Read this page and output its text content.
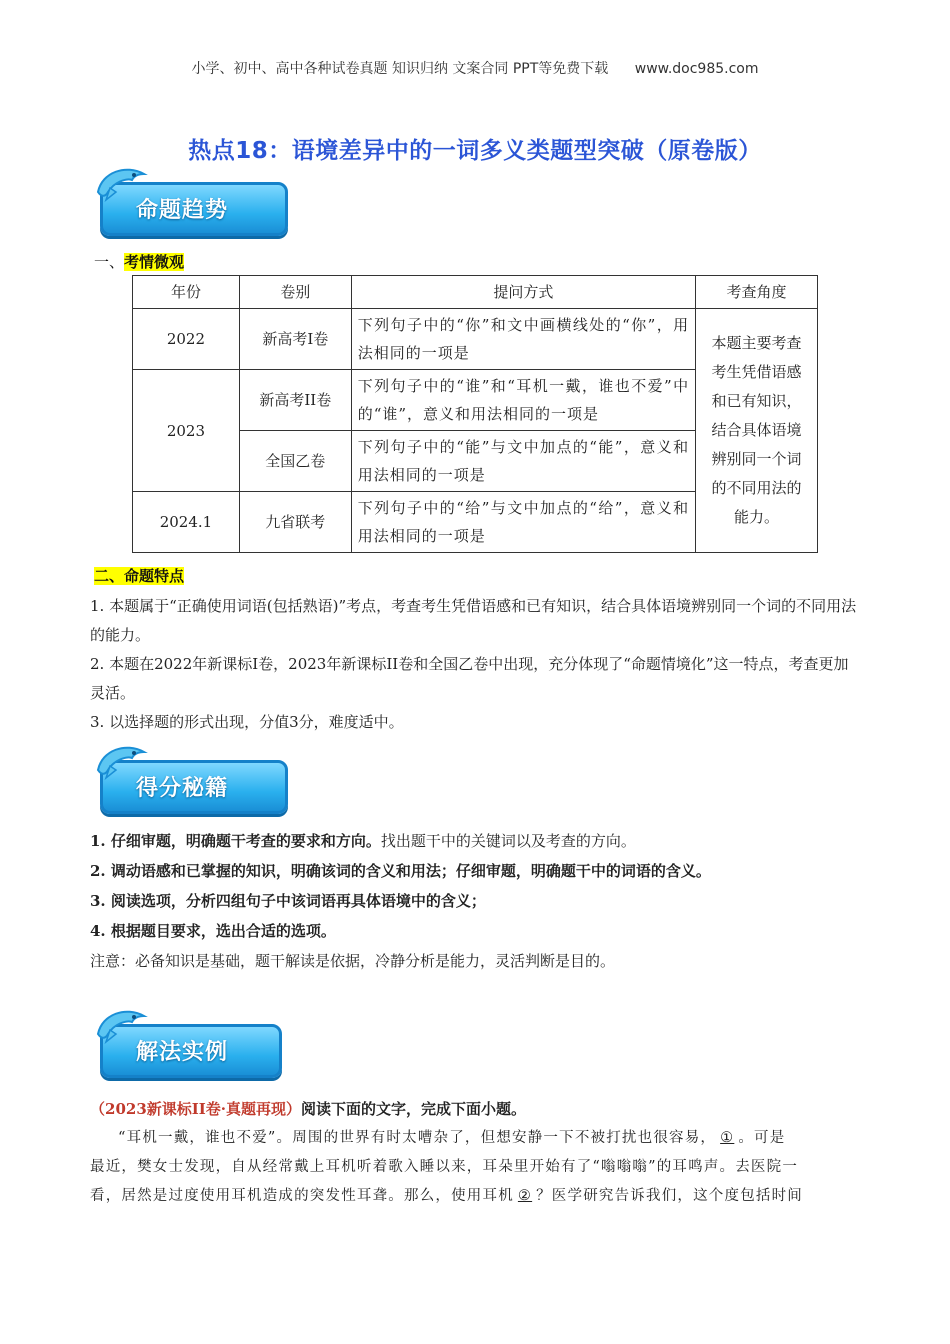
小学、初中、高中各种试卷真题 知识归纳 文案合同 PPT等免费下载 www.doc985.com
热点18：语境差异中的一词多义类题型突破（原卷版）
命题趋势
一、考情微观
年份	卷别	提问方式	考查角度
2022	新高考I卷	下列句子中的“你”和文中画横线处的“你”，用法相同的一项是	本题主要考查考生凭借语感和已有知识，结合具体语境辨别同一个词的不同用法的能力。
2023	新高考II卷	下列句子中的“谁”和“耳机一戴，谁也不爱”中的“谁”，意义和用法相同的一项是	
	全国乙卷	下列句子中的“能”与文中加点的“能”，意义和用法相同的一项是	
2024.1	九省联考	下列句子中的“给”与文中加点的“给”，意义和用法相同的一项是	
二、命题特点
1. 本题属于“正确使用词语(包括熟语)”考点，考查考生凭借语感和已有知识，结合具体语境辨别同一个词的不同用法的能力。
2. 本题在2022年新课标I卷，2023年新课标II卷和全国乙卷中出现，充分体现了“命题情境化”这一特点，考查更加灵活。
3. 以选择题的形式出现，分值3分，难度适中。
得分秘籍
1. 仔细审题，明确题干考查的要求和方向。找出题干中的关键词以及考查的方向。
2. 调动语感和已掌握的知识，明确该词的含义和用法；仔细审题，明确题干中的词语的含义。
3. 阅读选项，分析四组句子中该词语再具体语境中的含义；
4. 根据题目要求，选出合适的选项。
注意：必备知识是基础，题干解读是依据，冷静分析是能力，灵活判断是目的。
解法实例
（2023新课标II卷·真题再现）阅读下面的文字，完成下面小题。
“耳机一戴，谁也不爱”。周围的世界有时太嘈杂了，但想安静一下不被打扰也很容易， ① 。可是
最近，樊女士发现，自从经常戴上耳机听着歌入睡以来，耳朵里开始有了“嗡嗡嗡”的耳鸣声。去医院一
看，居然是过度使用耳机造成的突发性耳聋。那么，使用耳机 ② ？医学研究告诉我们，这个度包括时间
